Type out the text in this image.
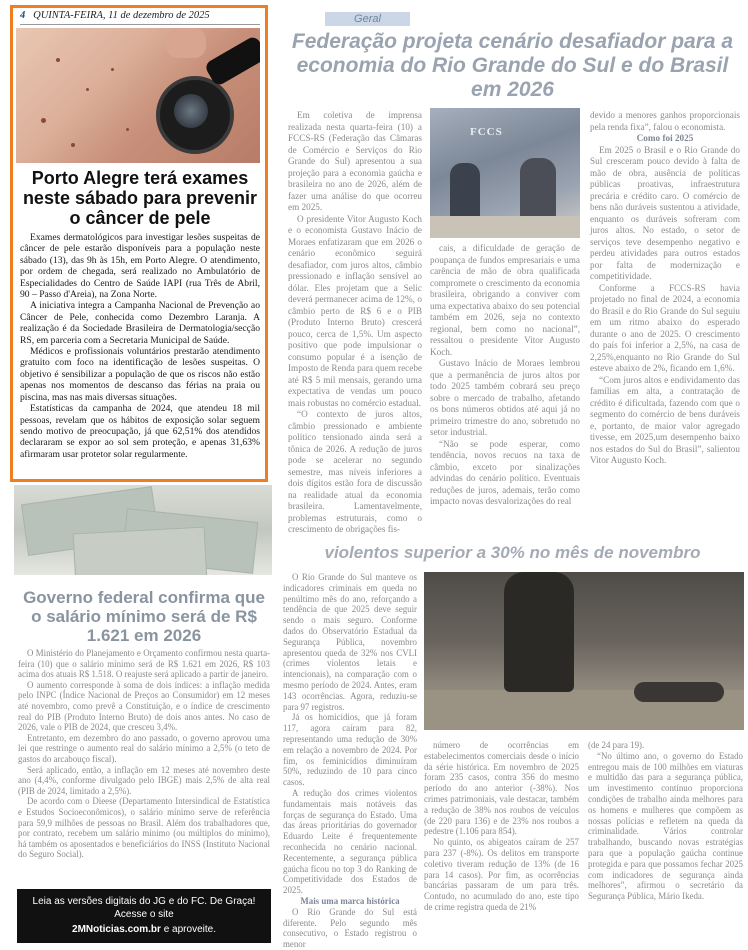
4 QUINTA-FEIRA, 11 de dezembro de 2025
Porto Alegre terá exames neste sábado para prevenir o câncer de pele

Exames dermatológicos para investigar lesões suspeitas de câncer de pele estarão disponíveis para a população neste sábado (13), das 9h às 15h, em Porto Alegre. O atendimento, por ordem de chegada, será realizado no Ambulatório de Especialidades do Centro de Saúde IAPI (rua Três de Abril, 90 – Passo d'Areia), na Zona Norte.

A iniciativa integra a Campanha Nacional de Prevenção ao Câncer de Pele, conhecida como Dezembro Laranja. A realização é da Sociedade Brasileira de Dermatologia/secção RS, em parceria com a Secretaria Municipal de Saúde.

Médicos e profissionais voluntários prestarão atendimento gratuito com foco na identificação de lesões suspeitas. O objetivo é sensibilizar a população de que os riscos não estão apenas nos momentos de descanso das férias na praia ou piscina, mas nas mais diversas situações.

Estatísticas da campanha de 2024, que atendeu 18 mil pessoas, revelam que os hábitos de exposição solar seguem sendo motivo de preocupação, já que 62,51% dos atendidos declararam se expor ao sol sem proteção, e apenas 31,63% afirmaram usar protetor solar regularmente.

Geral
Federação projeta cenário desafiador para a economia do Rio Grande do Sul e do Brasil em 2026

Em coletiva de imprensa realizada nesta quarta-feira (10) a FCCS-RS (Federação das Câmaras de Comércio e Serviços do Rio Grande do Sul) apresentou a sua projeção para a economia gaúcha e brasileira no ano de 2026, além de fazer uma análise do que ocorreu em 2025.

O presidente Vitor Augusto Koch e o economista Gustavo Inácio de Moraes enfatizaram que em 2026 o cenário econômico seguirá desafiador, com juros altos, câmbio pressionado e inflação sensível ao dólar. Eles projetam que a Selic deverá permanecer acima de 12%, o câmbio perto de R$ 6 e o PIB (Produto Interno Bruto) crescerá pouco, cerca de 1,5%. Um aspecto positivo que pode impulsionar o consumo popular é a isenção de Imposto de Renda para quem recebe até R$ 5 mil mensais, gerando uma expectativa de vendas um pouco mais robustas no comércio estadual.

“O contexto de juros altos, câmbio pressionado e ambiente político tensionado ainda será a tônica de 2026. A redução de juros pode se acelerar no segundo semestre, mas níveis inferiores a dois dígitos estão fora de discussão na realidade atual da economia brasileira. Lamentavelmente, problemas estruturais, como o crescimento de obrigações fis-

FCCS

cais, a dificuldade de geração de poupança de fundos empresariais e uma carência de mão de obra qualificada compromete o crescimento da economia brasileira, obrigando a conviver com uma expectativa abaixo do seu potencial também em 2026, seja no contexto regional, bem como no nacional”, ressaltou o presidente Vitor Augusto Koch.

Gustavo Inácio de Moraes lembrou que a permanência de juros altos por todo 2025 também cobrará seu preço sobre o mercado de trabalho, afetando os bons números obtidos até aqui já no primeiro trimestre do ano, sobretudo no setor industrial.

“Não se pode esperar, como tendência, novos recuos na taxa de câmbio, exceto por sinalizações advindas do cenário político. Eventuais reduções de juros, ademais, terão como impacto novas desvalorizações do real

devido a menores ganhos proporcionais pela renda fixa”, falou o economista.

Como foi 2025

Em 2025 o Brasil e o Rio Grande do Sul cresceram pouco devido à falta de mão de obra, ausência de políticas públicas proativas, infraestrutura precária e crédito caro. O comércio de bens não duráveis sustentou a atividade, enquanto os duráveis sofreram com juros altos. No estado, o setor de serviços teve desempenho negativo e perdeu atividades para outros estados por falta de modernização e competitividade.

Conforme a FCCS-RS havia projetado no final de 2024, a economia do Brasil e do Rio Grande do Sul seguiu em um ritmo abaixo do esperado durante o ano de 2025. O crescimento do país foi inferior a 2,5%, na casa de 2,25%,enquanto no Rio Grande do Sul esteve abaixo de 2%, ficando em 1,6%.

“Com juros altos e endividamento das famílias em alta, a contratação de crédito é dificultada, fazendo com que o segmento do comércio de bens duráveis e, portanto, de maior valor agregado tivesse, em 2025,um desempenho baixo nos estados do Sul do Brasil”, salientou Vitor Augusto Koch.

Governo federal confirma que o salário mínimo será de R$ 1.621 em 2026

O Ministério do Planejamento e Orçamento confirmou nesta quarta-feira (10) que o salário mínimo será de R$ 1.621 em 2026, R$ 103 acima dos atuais R$ 1.518. O reajuste será aplicado a partir de janeiro.

O aumento corresponde à soma de dois índices: a inflação medida pelo INPC (Índice Nacional de Preços ao Consumidor) em 12 meses até novembro, como prevê a Constituição, e o índice de crescimento real do PIB (Produto Interno Bruto) de dois anos antes. No caso de 2026, vale o PIB de 2024, que cresceu 3,4%.

Entretanto, em dezembro do ano passado, o governo aprovou uma lei que restringe o aumento real do salário mínimo a 2,5% (o teto de gastos do arcabouço fiscal).

Será aplicado, então, a inflação em 12 meses até novembro deste ano (4,4%, conforme divulgado pelo IBGE) mais 2,5% de alta real (PIB de 2024, limitado a 2,5%).

De acordo com o Dieese (Departamento Intersindical de Estatística e Estudos Socioeconômicos), o salário mínimo serve de referência para 59,9 milhões de pessoas no Brasil. Além dos trabalhadores que, por contrato, recebem um salário mínimo (ou múltiplos do mínimo), há também os aposentados e beneficiários do INSS (Instituto Nacional do Seguro Social).

Leia as versões digitais do JG e do FC. De Graça!
Acesse o site
2MNoticias.com.br e aproveite.
violentos superior a 30% no mês de novembro

O Rio Grande do Sul manteve os indicadores criminais em queda no penúltimo mês do ano, reforçando a tendência de que 2025 deve seguir sendo o mais seguro. Conforme dados do Observatório Estadual da Segurança Pública, novembro apresentou queda de 32% nos CVLI (crimes violentos letais e intencionais), na comparação com o mesmo período de 2024. Antes, eram 143 ocorrências. Agora, reduziu-se para 97 registros.

Já os homicídios, que já foram 117, agora caíram para 82, representando uma redução de 30% em relação a novembro de 2024. Por fim, os feminicídios diminuíram 50%, reduzindo de 10 para cinco casos.

A redução dos crimes violentos fundamentais mais notáveis das forças de segurança do Estado. Uma das áreas prioritárias do governador Eduardo Leite é frequentemente reconhecida no cenário nacional. Recentemente, a segurança pública gaúcha ficou no top 3 do Ranking de Competitividade dos Estados de 2025.

Mais uma marca histórica

O Rio Grande do Sul está diferente. Pelo segundo mês consecutivo, o Estado registrou o menor

número de ocorrências em estabelecimentos comerciais desde o início da série histórica. Em novembro de 2025 foram 235 casos, contra 356 do mesmo período do ano anterior (-38%). Nos crimes patrimoniais, vale destacar, também a redução de 38% nos roubos de veículos (de 220 para 136) e de 23% nos roubos a pedestre (1.106 para 854).

No quinto, os abigeatos caíram de 257 para 237 (-8%). Os delitos em transporte coletivo tiveram redução de 13% (de 16 para 14 casos). Por fim, as ocorrências bancárias passaram de um para três. Contudo, no acumulado do ano, este tipo de crime registra queda de 21%

(de 24 para 19).

“No último ano, o governo do Estado entregou mais de 100 milhões em viaturas e multidão das para a segurança pública, um investimento contínuo proporciona condições de trabalho ainda melhores para os homens e mulheres que compõem as nossas polícias e refletem na queda da criminalidade. Vários controlar trabalhando, buscando novas estratégias para que a população gaúcha continue protegida e para que possamos fechar 2025 com indicadores de segurança ainda melhores”, afirmou o secretário da Segurança Pública, Mário Ikeda.
